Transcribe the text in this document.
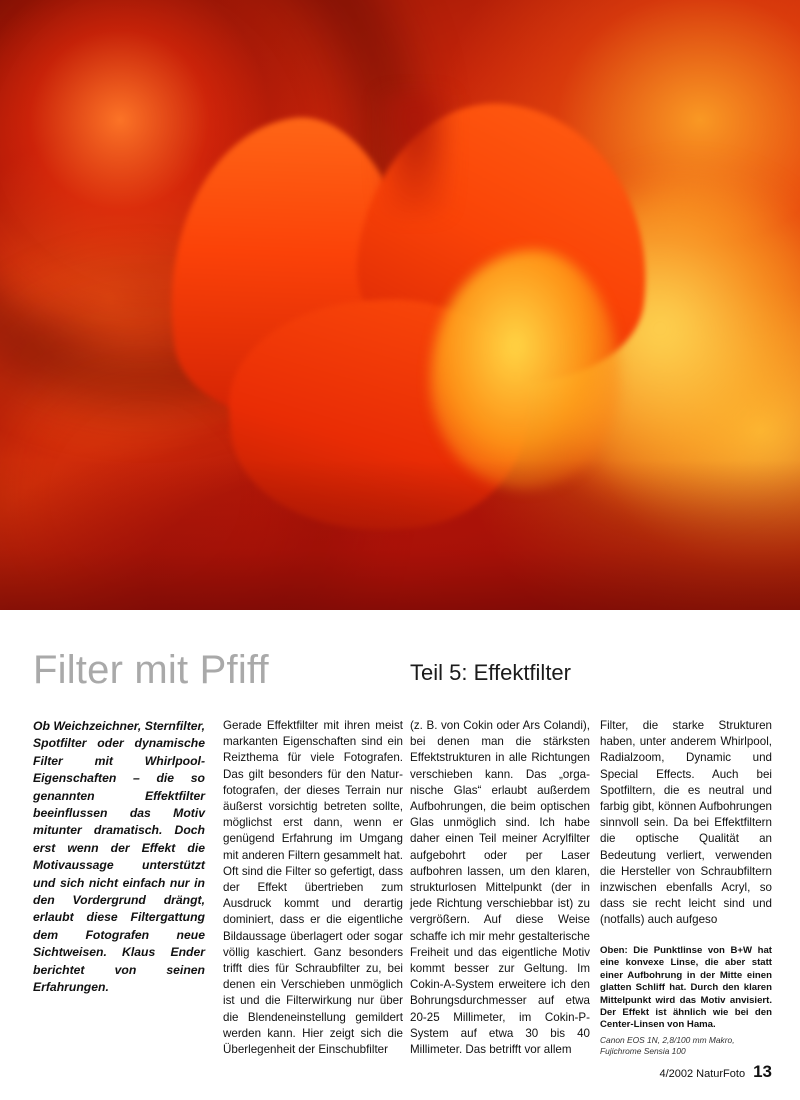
Filter mit Pfiff	Teil 5: Effektfilter
Ob Weichzeichner, Sternfilter, Spotfilter oder dynamische Filter mit Whirlpool-Eigenschaften – die so genannten Effektfilter beeinflussen das Motiv mitunter dramatisch. Doch erst wenn der Effekt die Motivaussage unterstützt und sich nicht einfach nur in den Vordergrund drängt, erlaubt diese Filtergattung dem Fotografen neue Sichtweisen. Klaus Ender berichtet von seinen Erfahrungen.
Gerade Effektfilter mit ihren meist markanten Eigenschaften sind ein Reizthema für viele Fotografen. Das gilt besonders für den Naturfotografen, der dieses Terrain nur äußerst vorsichtig betreten sollte, möglichst erst dann, wenn er genügend Erfahrung im Umgang mit anderen Filtern gesammelt hat. Oft sind die Filter so gefertigt, dass der Effekt übertrieben zum Ausdruck kommt und derartig dominiert, dass er die eigentliche Bildaussage überlagert oder sogar völlig kaschiert. Ganz besonders trifft dies für Schraubfilter zu, bei denen ein Verschieben unmöglich ist und die Filterwirkung nur über die Blendeneinstellung gemildert werden kann. Hier zeigt sich die Überlegenheit der Einschubfilter
(z. B. von Cokin oder Ars Colandi), bei denen man die stärksten Effektstrukturen in alle Richtungen verschieben kann. Das „organische Glas“ erlaubt außerdem Aufbohrungen, die beim optischen Glas unmöglich sind. Ich habe daher einen Teil meiner Acrylfilter aufgebohrt oder per Laser aufbohren lassen, um den klaren, strukturlosen Mittelpunkt (der in jede Richtung verschiebbar ist) zu vergrößern. Auf diese Weise schaffe ich mir mehr gestalterische Freiheit und das eigentliche Motiv kommt besser zur Geltung. Im Cokin-A-System erweitere ich den Bohrungsdurchmesser auf etwa 20-25 Millimeter, im Cokin-P-System auf etwa 30 bis 40 Millimeter. Das betrifft vor allem
Filter, die starke Strukturen haben, unter anderem Whirlpool, Radialzoom, Dynamic und Special Effects. Auch bei Spotfiltern, die es neutral und farbig gibt, können Aufbohrungen sinnvoll sein. Da bei Effektfiltern die optische Qualität an Bedeutung verliert, verwenden die Hersteller von Schraubfiltern inzwischen ebenfalls Acryl, so dass sie recht leicht sind und (notfalls) auch aufgeso
Oben: Die Punktlinse von B+W hat eine konvexe Linse, die aber statt einer Aufbohrung in der Mitte einen glatten Schliff hat. Durch den klaren Mittelpunkt wird das Motiv anvisiert. Der Effekt ist ähnlich wie bei den Center-Linsen von Hama.
Canon EOS 1N, 2,8/100 mm Makro, Fujichrome Sensia 100
4/2002 NaturFoto 13
